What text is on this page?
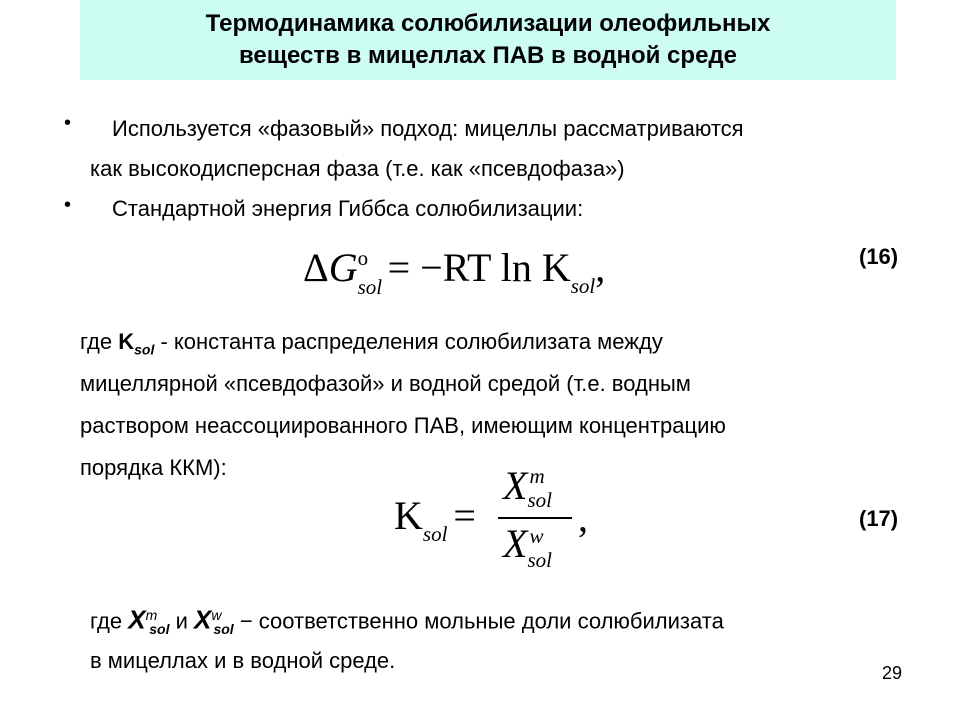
Термодинамика солюбилизации олеофильных
веществ в мицеллах ПАВ в водной среде
• Используется «фазовый» подход: мицеллы рассматриваются
как высокодисперсная фаза (т.е. как «псевдофаза»)
• Стандартной энергия Гиббса солюбилизации:
ΔG o
sol = −RT ln Ksol,	(16)
где $K_{sol}$ - константа распределения солюбилизата между
мицеллярной «псевдофазой» и водной средой (т.е. водным
раствором неассоциированного ПАВ, имеющим концентрацию
порядка ККМ):
Ksol =
X m
sol
X w
sol
,	(17)
где $X^m_{sol}$ и $X^w_{sol}$ − соответственно мольные доли солюбилизата
в мицеллах и в водной среде.	29
